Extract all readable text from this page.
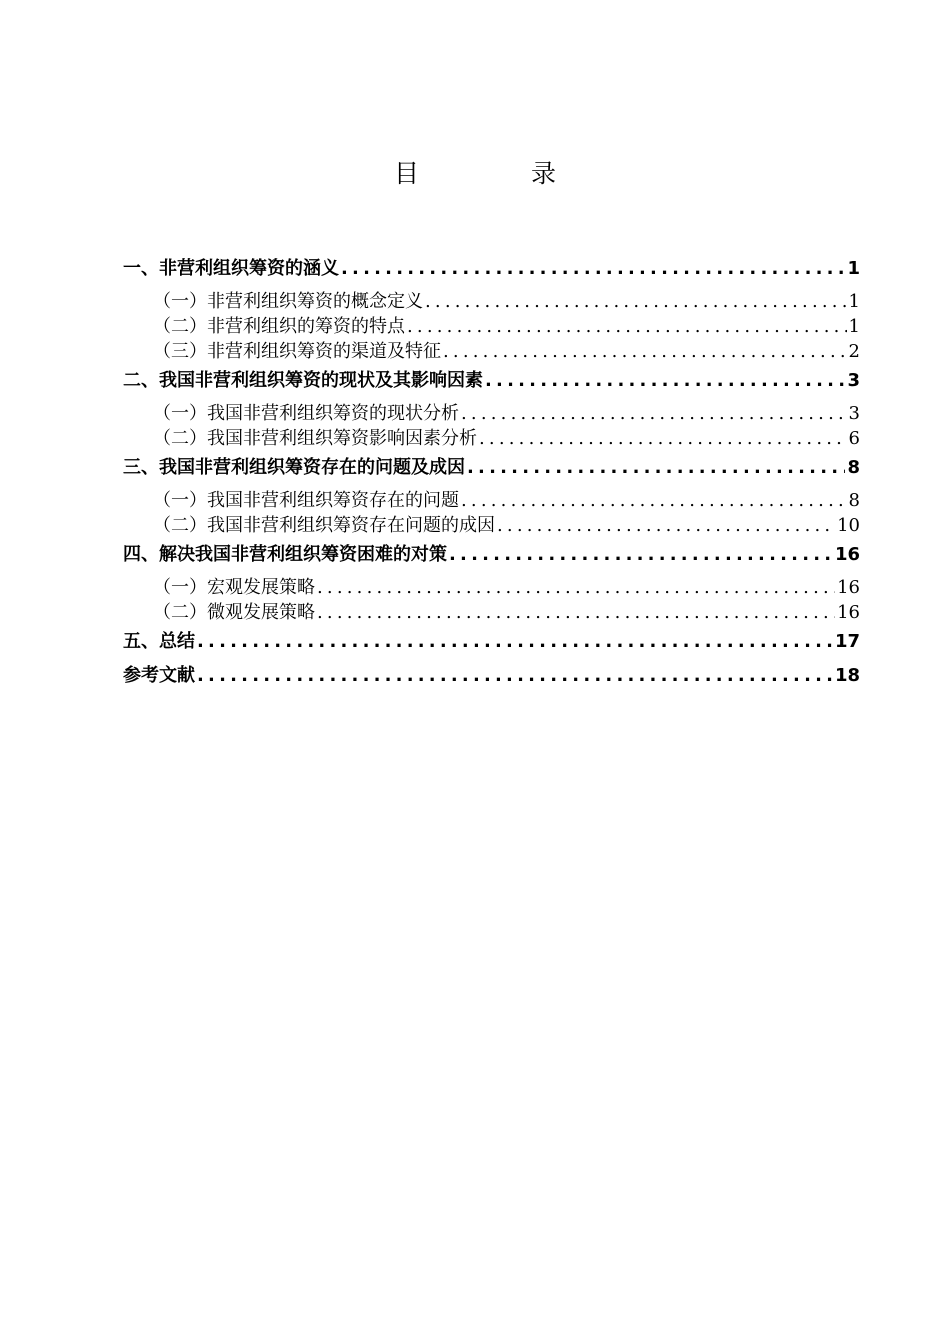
目 录
一、非营利组织筹资的涵义 .....	1
（一）非营利组织筹资的概念定义 .....	1
（二）非营利组织的筹资的特点 .....	1
（三）非营利组织筹资的渠道及特征 .....	2
二、我国非营利组织筹资的现状及其影响因素 .....	3
（一）我国非营利组织筹资的现状分析 .....	3
（二）我国非营利组织筹资影响因素分析 .....	6
三、我国非营利组织筹资存在的问题及成因 .....	8
（一）我国非营利组织筹资存在的问题 .....	8
（二）我国非营利组织筹资存在问题的成因 .....	10
四、解决我国非营利组织筹资困难的对策 .....	16
（一）宏观发展策略 .....	16
（二）微观发展策略 .....	16
五、总结 .....	17
参考文献 .....	18
